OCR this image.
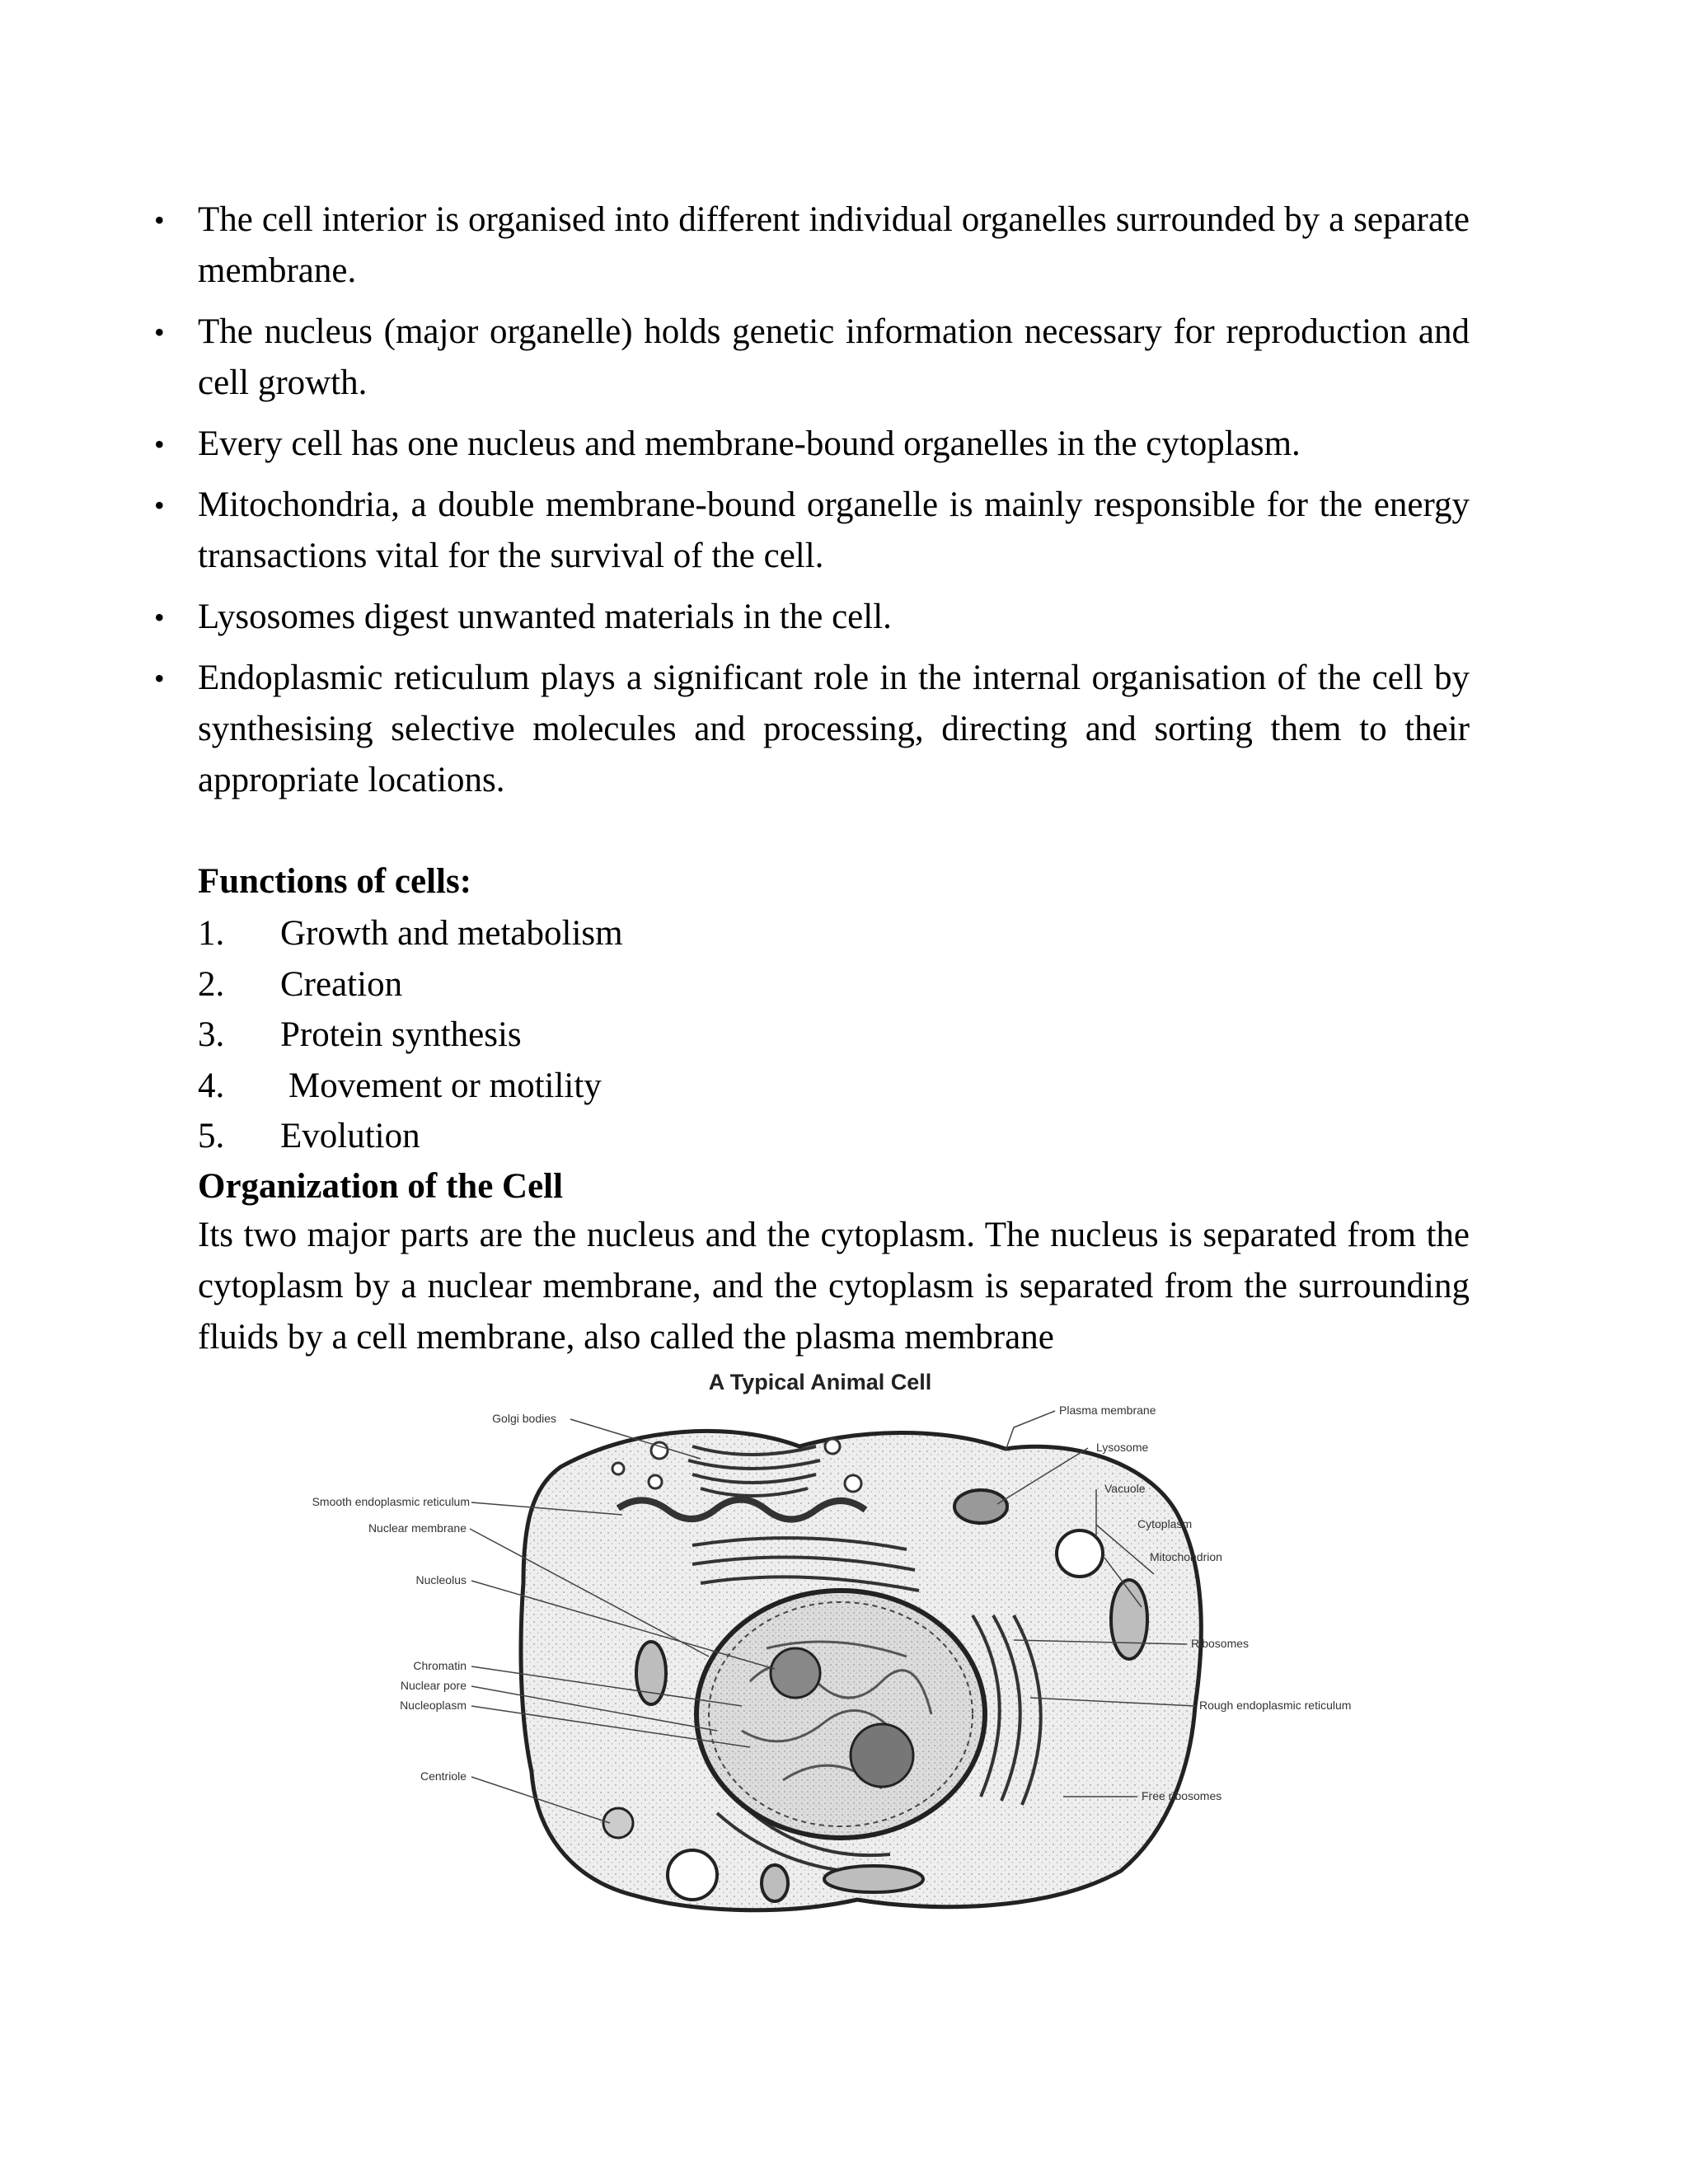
• The cell interior is organised into different individual organelles surrounded by a separate membrane.
• The nucleus (major organelle) holds genetic information necessary for reproduction and cell growth.
• Every cell has one nucleus and membrane-bound organelles in the cytoplasm.
• Mitochondria, a double membrane-bound organelle is mainly responsible for the energy transactions vital for the survival of the cell.
• Lysosomes digest unwanted materials in the cell.
• Endoplasmic reticulum plays a significant role in the internal organisation of the cell by synthesising selective molecules and processing, directing and sorting them to their appropriate locations.
Functions of cells:
1. Growth and metabolism
2. Creation
3. Protein synthesis
4. Movement or motility
5. Evolution
Organization of the Cell

Its two major parts are the nucleus and the cytoplasm. The nucleus is separated from the cytoplasm by a nuclear membrane, and the cytoplasm is separated from the surrounding fluids by a cell membrane, also called the plasma membrane

A Typical Animal Cell
Golgi bodies
Smooth endoplasmic reticulum
Nuclear membrane
Nucleolus
Chromatin
Nuclear pore
Nucleoplasm
Centriole
Plasma membrane
Lysosome
Vacuole
Cytoplasm
Mitochondrion
Ribosomes
Rough endoplasmic reticulum
Free ribosomes
